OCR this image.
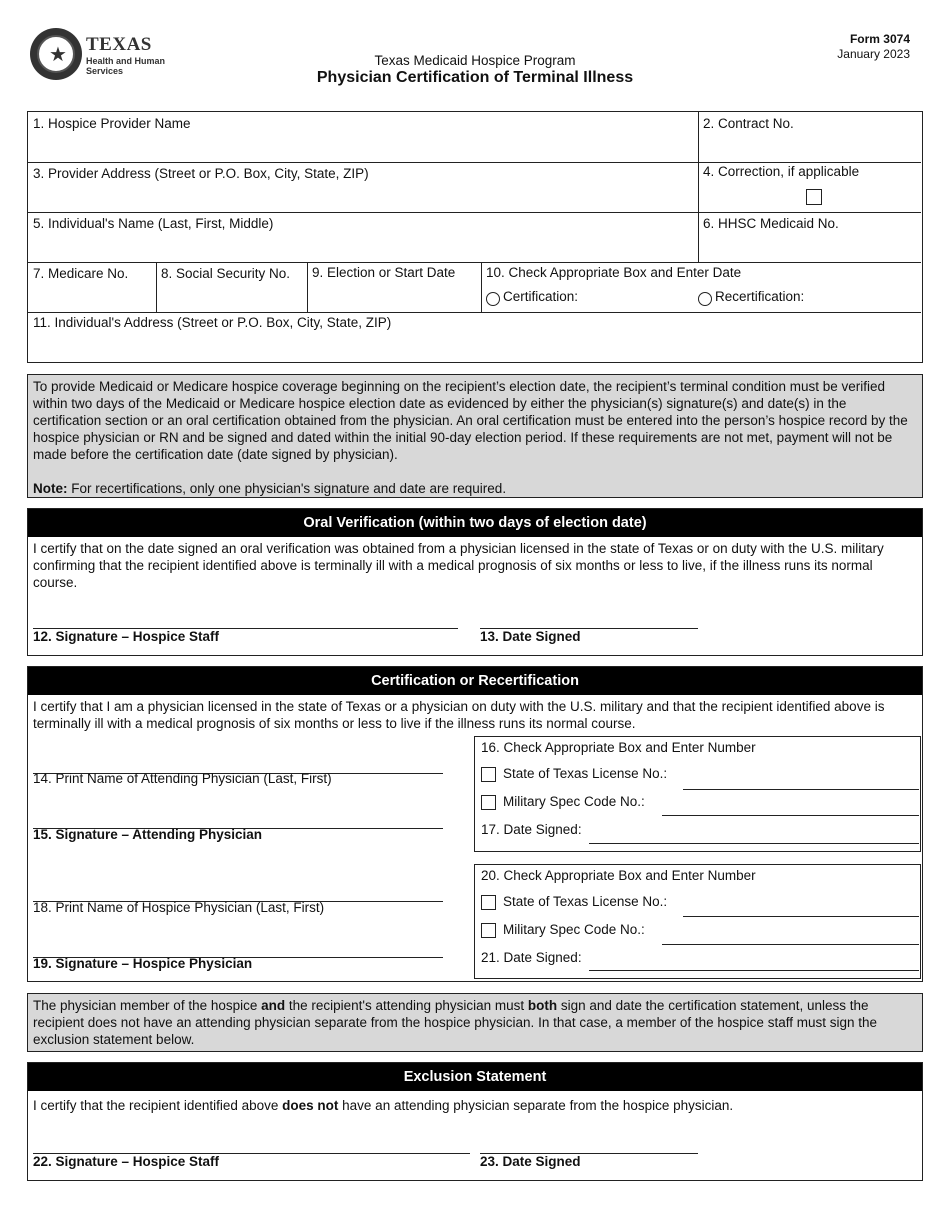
★	TEXAS
Health and Human Services
Texas Medicaid Hospice Program
Physician Certification of Terminal Illness
Form 3074
January 2023
1. Hospice Provider Name	2. Contract No.
3. Provider Address (Street or P.O. Box, City, State, ZIP)	4. Correction, if applicable
5. Individual's Name (Last, First, Middle)	6. HHSC Medicaid No.
7. Medicare No. 8. Social Security No. 9. Election or Start Date 10. Check Appropriate Box and Enter Date
Certification:	Recertification:
11. Individual's Address (Street or P.O. Box, City, State, ZIP)
To provide Medicaid or Medicare hospice coverage beginning on the recipient’s election date, the recipient’s terminal condition must be verified within two days of the Medicaid or Medicare hospice election date as evidenced by either the physician(s) signature(s) and date(s) in the certification section or an oral certification obtained from the physician. An oral certification must be entered into the person’s hospice record by the hospice physician or RN and be signed and dated within the initial 90-day election period. If these requirements are not met, payment will not be made before the certification date (date signed by physician).
Note: For recertifications, only one physician's signature and date are required.
Oral Verification (within two days of election date)
I certify that on the date signed an oral verification was obtained from a physician licensed in the state of Texas or on duty with the U.S. military confirming that the recipient identified above is terminally ill with a medical prognosis of six months or less to live, if the illness runs its normal course.
12. Signature – Hospice Staff	13. Date Signed
Certification or Recertification
I certify that I am a physician licensed in the state of Texas or a physician on duty with the U.S. military and that the recipient identified above is terminally ill with a medical prognosis of six months or less to live if the illness runs its normal course.
14. Print Name of Attending Physician (Last, First)
15. Signature – Attending Physician
18. Print Name of Hospice Physician (Last, First)
19. Signature – Hospice Physician
16. Check Appropriate Box and Enter Number
State of Texas License No.:
Military Spec Code No.:
17. Date Signed:
20. Check Appropriate Box and Enter Number
State of Texas License No.:
Military Spec Code No.:
21. Date Signed:
The physician member of the hospice and the recipient's attending physician must both sign and date the certification statement, unless the recipient does not have an attending physician separate from the hospice physician. In that case, a member of the hospice staff must sign the exclusion statement below.
Exclusion Statement
I certify that the recipient identified above does not have an attending physician separate from the hospice physician.
22. Signature – Hospice Staff	23. Date Signed
